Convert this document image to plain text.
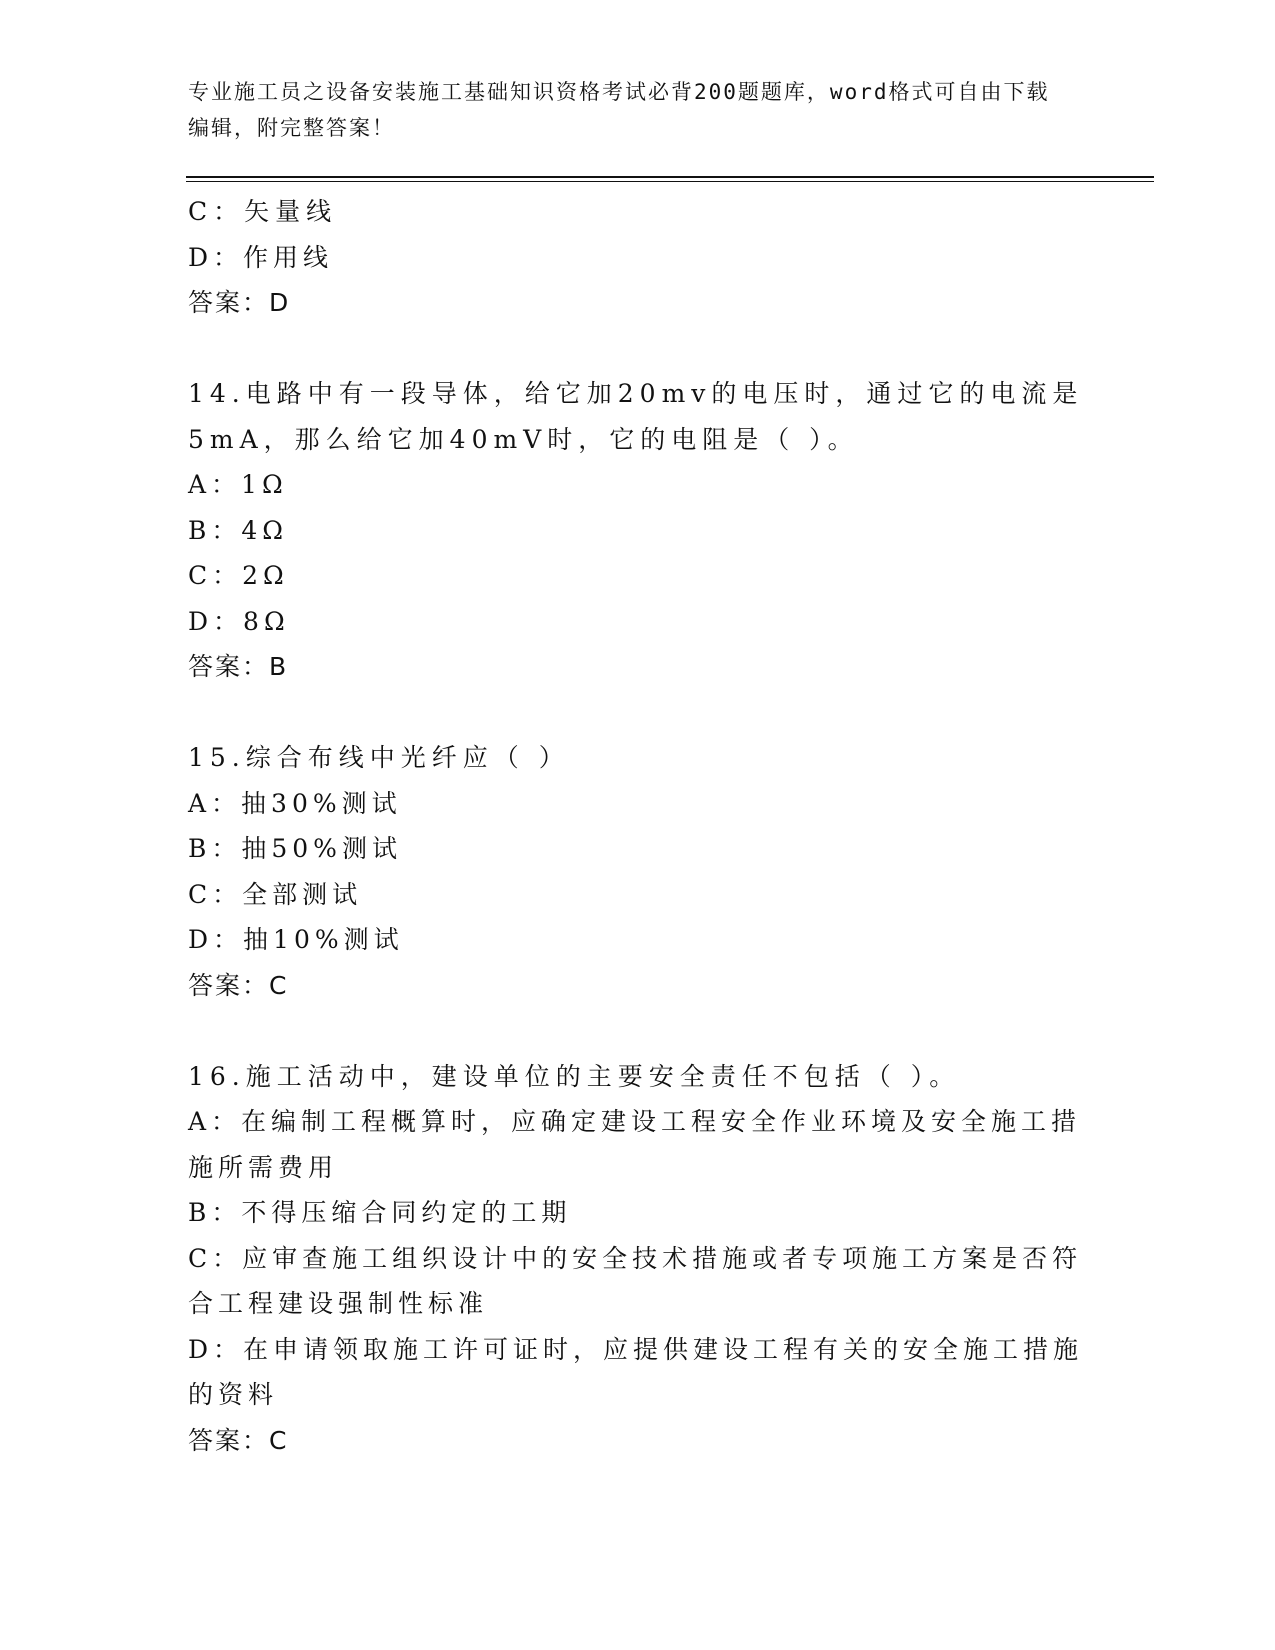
专业施工员之设备安装施工基础知识资格考试必背200题题库，word格式可自由下载编辑，附完整答案！
C：矢量线
D：作用线
答案：D
14.电路中有一段导体，给它加20mv的电压时，通过它的电流是5mA，那么给它加40mV时，它的电阻是（ ）。
A：1Ω
B：4Ω
C：2Ω
D：8Ω
答案：B
15.综合布线中光纤应（ ）
A：抽30%测试
B：抽50%测试
C：全部测试
D：抽10%测试
答案：C
16.施工活动中，建设单位的主要安全责任不包括（ ）。
A：在编制工程概算时，应确定建设工程安全作业环境及安全施工措施所需费用
B：不得压缩合同约定的工期
C：应审查施工组织设计中的安全技术措施或者专项施工方案是否符合工程建设强制性标准
D：在申请领取施工许可证时，应提供建设工程有关的安全施工措施的资料
答案：C
